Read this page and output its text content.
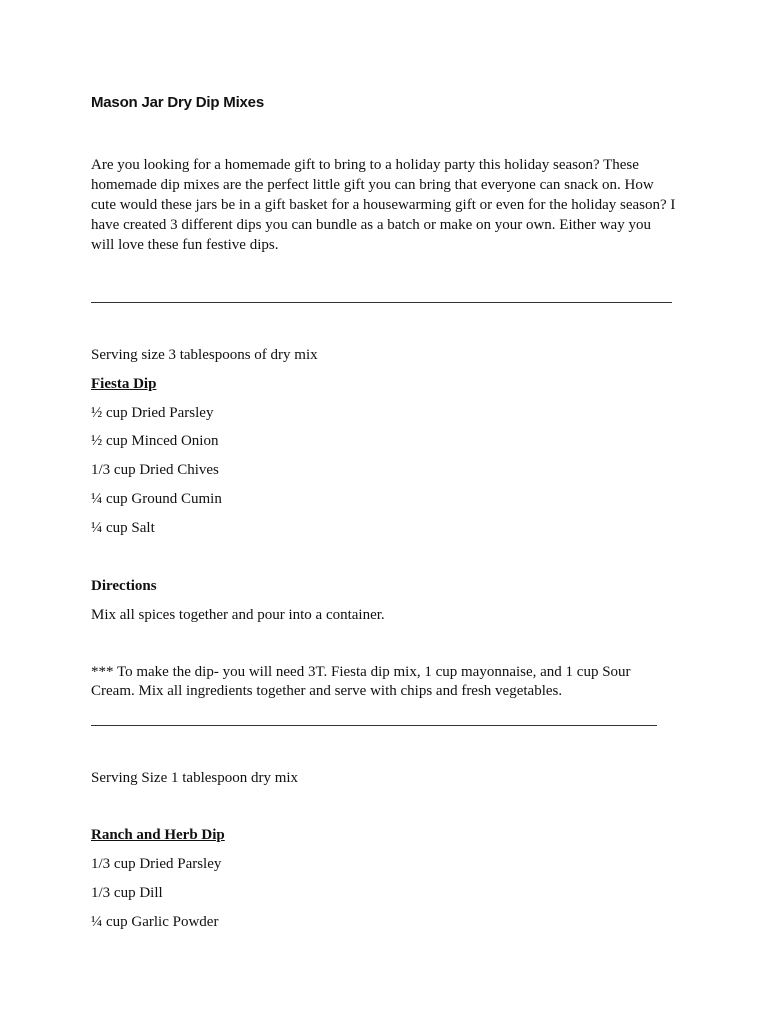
Mason Jar Dry Dip Mixes
Are you looking for a homemade gift to bring to a holiday party this holiday season? These
homemade dip mixes are the perfect little gift you can bring that everyone can snack on. How
cute would these jars be in a gift basket for a housewarming gift or even for the holiday season? I
have created 3 different dips you can bundle as a batch or make on your own. Either way you
will love these fun festive dips.
Serving size 3 tablespoons of dry mix
Fiesta Dip
½ cup Dried Parsley
½ cup Minced Onion
1/3 cup Dried Chives
¼ cup Ground Cumin
¼ cup Salt
Directions
Mix all spices together and pour into a container.
*** To make the dip- you will need 3T. Fiesta dip mix, 1 cup mayonnaise, and 1 cup Sour
Cream. Mix all ingredients together and serve with chips and fresh vegetables.
Serving Size 1 tablespoon dry mix
Ranch and Herb Dip
1/3 cup Dried Parsley
1/3 cup Dill
¼ cup Garlic Powder
